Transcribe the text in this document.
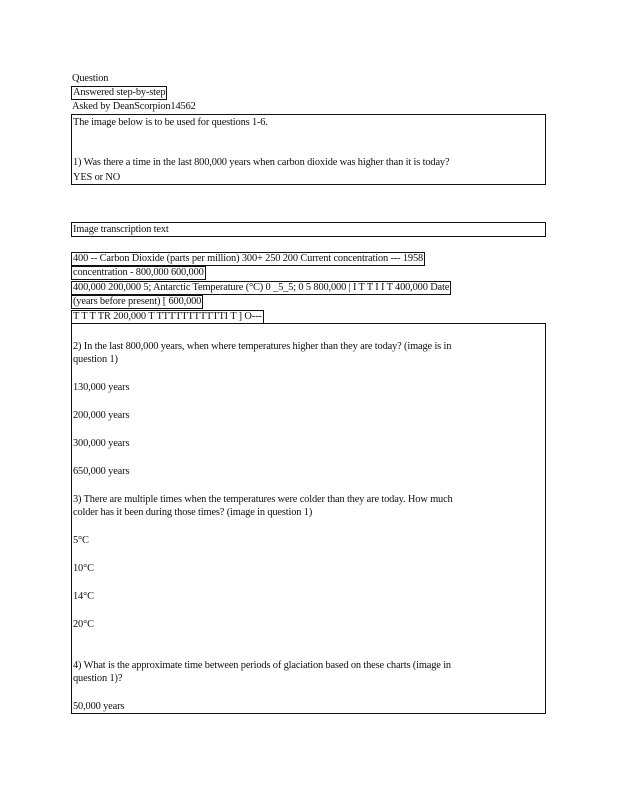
Question
Answered step-by-step
Asked by DeanScorpion14562
The image below is to be used for questions 1-6.
1) Was there a time in the last 800,000 years when carbon dioxide was higher than it is today?
YES or NO
Image transcription text
400 -- Carbon Dioxide (parts per million) 300+ 250 200 Current concentration --- 1958
concentration - 800,000 600,000
400,000 200,000 5; Antarctic Temperature (°C) 0 _5_5; 0 5 800,000 | I T T I I T 400,000 Date
(years before present) [ 600,000
T T T TR 200,000 T TTTTTTTTTTTI T ] O---
2) In the last 800,000 years, when where temperatures higher than they are today? (image is in
question 1)
130,000 years
200,000 years
300,000 years
650,000 years
3) There are multiple times when the temperatures were colder than they are today. How much
colder has it been during those times? (image in question 1)
5°C
10°C
14°C
20°C
4) What is the approximate time between periods of glaciation based on these charts (image in
question 1)?
50,000 years
